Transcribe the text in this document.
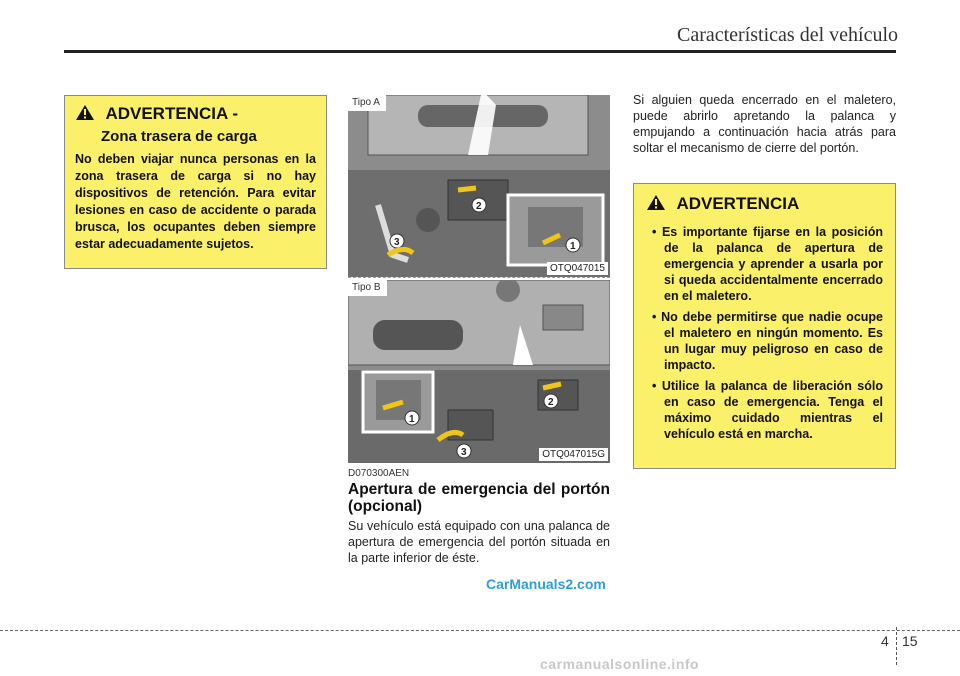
Características del vehículo
ADVERTENCIA -
Zona trasera de carga
No deben viajar nunca personas en la zona trasera de carga si no hay dispositivos de retención. Para evitar lesiones en caso de accidente o parada brusca, los ocupantes deben siempre estar adecuadamente sujetos.	3
2
1
Tipo A
OTQ047015
1
2
3
Tipo B
OTQ047015G
D070300AEN
Apertura de emergencia del portón (opcional)
Su vehículo está equipado con una palanca de apertura de emergencia del portón situada en la parte inferior de éste.
CarManuals2.com
Si alguien queda encerrado en el maletero, puede abrirlo apretando la palanca y empujando a continuación hacia atrás para soltar el mecanismo de cierre del portón.
ADVERTENCIA
• Es importante fijarse en la posición de la palanca de apertura de emergencia y aprender a usarla por si queda accidentalmente encerrado en el maletero.
• No debe permitirse que nadie ocupe el maletero en ningún momento. Es un lugar muy peligroso en caso de impacto.
• Utilice la palanca de liberación sólo en caso de emergencia. Tenga el máximo cuidado mientras el vehículo está en marcha.
4 15
carmanualsonline.info
